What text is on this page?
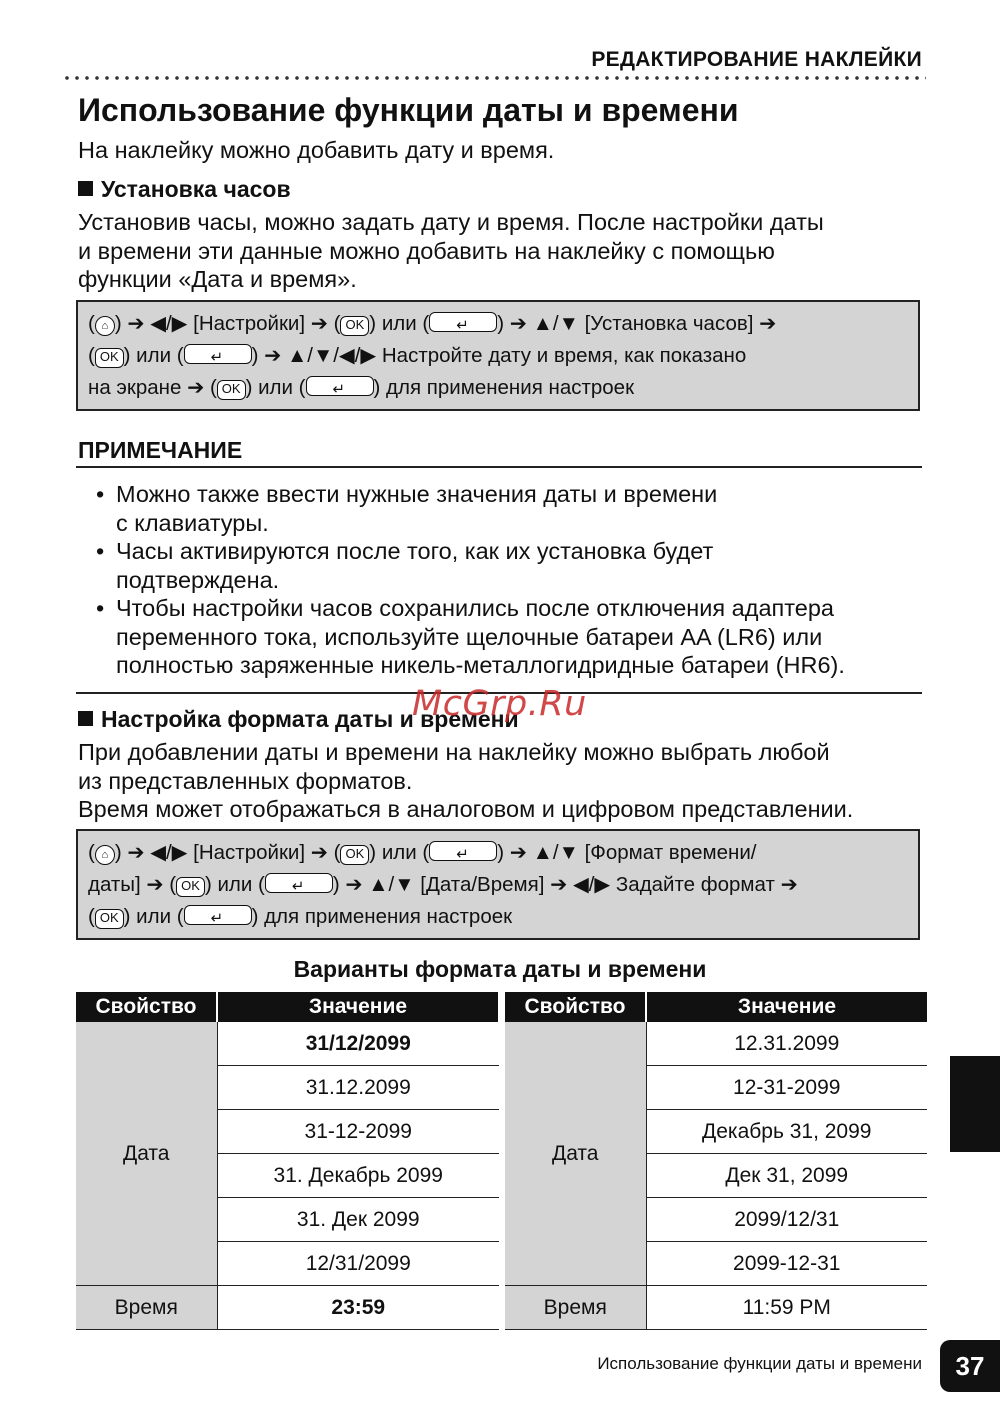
РЕДАКТИРОВАНИЕ НАКЛЕЙКИ
Использование функции даты и времени
На наклейку можно добавить дату и время.
Установка часов
Установив часы, можно задать дату и время. После настройки даты
и времени эти данные можно добавить на наклейку с помощью
функции «Дата и время».
( ⌂ ) ➔ ◀/▶ [Настройки] ➔ ( OK ) или ( ↵	) ➔ ▲/▼ [Установка часов] ➔
( OK ) или ( ↵	) ➔ ▲/▼/◀/▶ Настройте дату и время, как показано
на экране ➔ ( OK ) или ( ↵	) для применения настроек
ПРИМЕЧАНИЕ
• Можно также ввести нужные значения даты и времени
с клавиатуры.
• Часы активируются после того, как их установка будет
подтверждена.
• Чтобы настройки часов сохранились после отключения адаптера
переменного тока, используйте щелочные батареи AA (LR6) или
полностью заряженные никель-металлогидридные батареи (HR6).
Настройка формата даты и времени
При добавлении даты и времени на наклейку можно выбрать любой
из представленных форматов.
Время может отображаться в аналоговом и цифровом представлении.
( ⌂ ) ➔ ◀/▶ [Настройки] ➔ ( OK ) или ( ↵	) ➔ ▲/▼ [Формат времени/
даты] ➔ ( OK ) или ( ↵	) ➔ ▲/▼ [Дата/Время] ➔ ◀/▶ Задайте формат ➔
( OK ) или ( ↵	) для применения настроек
Варианты формата даты и времени
Свойство	Значение		Свойство	Значение
Дата	31/12/2099		Дата	12.31.2099
	31.12.2099			12-31-2099
	31-12-2099			Декабрь 31, 2099
	31. Декабрь 2099			Дек 31, 2099
	31. Дек 2099			2099/12/31
	12/31/2099			2099-12-31
Время	23:59		Время	11:59 PM
McGrp.Ru
Использование функции даты и времени	37
